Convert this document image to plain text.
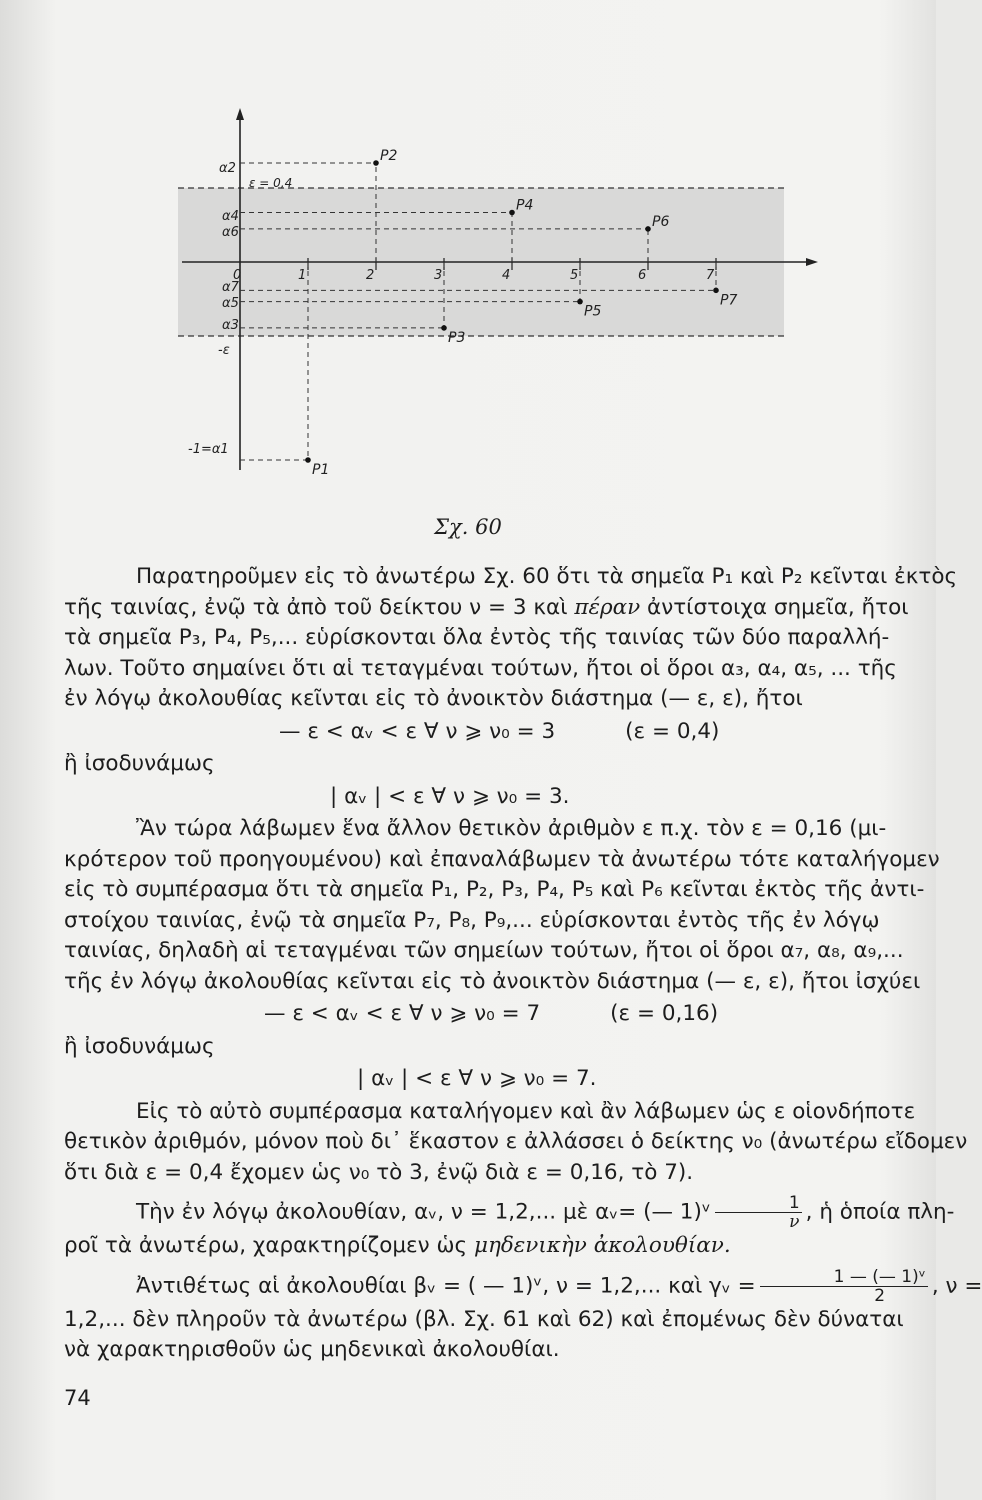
0	1	2	3	4	5	6	7
P1
P2
P3
P4
P5
P6
P7
ε = 0,4
α2
α4
α6
α7
α5
α3
-ε
-1=α1
Σχ. 60

Παρατηροῦμεν εἰς τὸ ἀνωτέρω Σχ. 60 ὅτι τὰ σημεῖα P₁ καὶ P₂ κεῖνται ἐκτὸς

τῆς ταινίας, ἐνῷ τὰ ἀπὸ τοῦ δείκτου ν = 3 καὶ πέραν ἀντίστοιχα σημεῖα, ἤτοι

τὰ σημεῖα P₃, P₄, P₅,... εὑρίσκονται ὅλα ἐντὸς τῆς ταινίας τῶν δύο παραλλή-

λων. Τοῦτο σημαίνει ὅτι αἱ τεταγμέναι τούτων, ἤτοι οἱ ὅροι α₃, α₄, α₅, ... τῆς

ἐν λόγῳ ἀκολουθίας κεῖνται εἰς τὸ ἀνοικτὸν διάστημα (— ε, ε), ἤτοι

— ε < αᵥ < ε ∀ ν ⩾ ν₀ = 3	(ε = 0,4)

ἢ ἰσοδυνάμως

| αᵥ | < ε ∀ ν ⩾ ν₀ = 3.

Ἂν τώρα λάβωμεν ἕνα ἄλλον θετικὸν ἀριθμὸν ε π.χ. τὸν ε = 0,16 (μι-

κρότερον τοῦ προηγουμένου) καὶ ἐπαναλάβωμεν τὰ ἀνωτέρω τότε καταλήγομεν

εἰς τὸ συμπέρασμα ὅτι τὰ σημεῖα P₁, P₂, P₃, P₄, P₅ καὶ P₆ κεῖνται ἐκτὸς τῆς ἀντι-

στοίχου ταινίας, ἐνῷ τὰ σημεῖα P₇, P₈, P₉,... εὑρίσκονται ἐντὸς τῆς ἐν λόγῳ

ταινίας, δηλαδὴ αἱ τεταγμέναι τῶν σημείων τούτων, ἤτοι οἱ ὅροι α₇, α₈, α₉,...

τῆς ἐν λόγῳ ἀκολουθίας κεῖνται εἰς τὸ ἀνοικτὸν διάστημα (— ε, ε), ἤτοι ἰσχύει

— ε < αᵥ < ε ∀ ν ⩾ ν₀ = 7	(ε = 0,16)

ἢ ἰσοδυνάμως

| αᵥ | < ε ∀ ν ⩾ ν₀ = 7.

Εἰς τὸ αὐτὸ συμπέρασμα καταλήγομεν καὶ ἂν λάβωμεν ὡς ε οἱονδήποτε

θετικὸν ἀριθμόν, μόνον ποὺ δι᾽ ἕκαστον ε ἀλλάσσει ὁ δείκτης ν₀ (ἀνωτέρω εἴδομεν

ὅτι διὰ ε = 0,4 ἔχομεν ὡς ν₀ τὸ 3, ἐνῷ διὰ ε = 0,16, τὸ 7).

Τὴν ἐν λόγῳ ἀκολουθίαν, αᵥ, ν = 1,2,... μὲ αᵥ= (— 1)ᵛ $\frac{1}{\nu}$ , ἡ ὁποία πλη-

ροῖ τὰ ἀνωτέρω, χαρακτηρίζομεν ὡς μηδενικὴν ἀκολουθίαν.

Ἀντιθέτως αἱ ἀκολουθίαι βᵥ = ( — 1)ᵛ, ν = 1,2,... καὶ γᵥ = $\frac{\text{1 — (— 1)ᵛ}}{2}$ , ν =

1,2,... δὲν πληροῦν τὰ ἀνωτέρω (βλ. Σχ. 61 καὶ 62) καὶ ἐπομένως δὲν δύναται

νὰ χαρακτηρισθοῦν ὡς μηδενικαὶ ἀκολουθίαι.

74
